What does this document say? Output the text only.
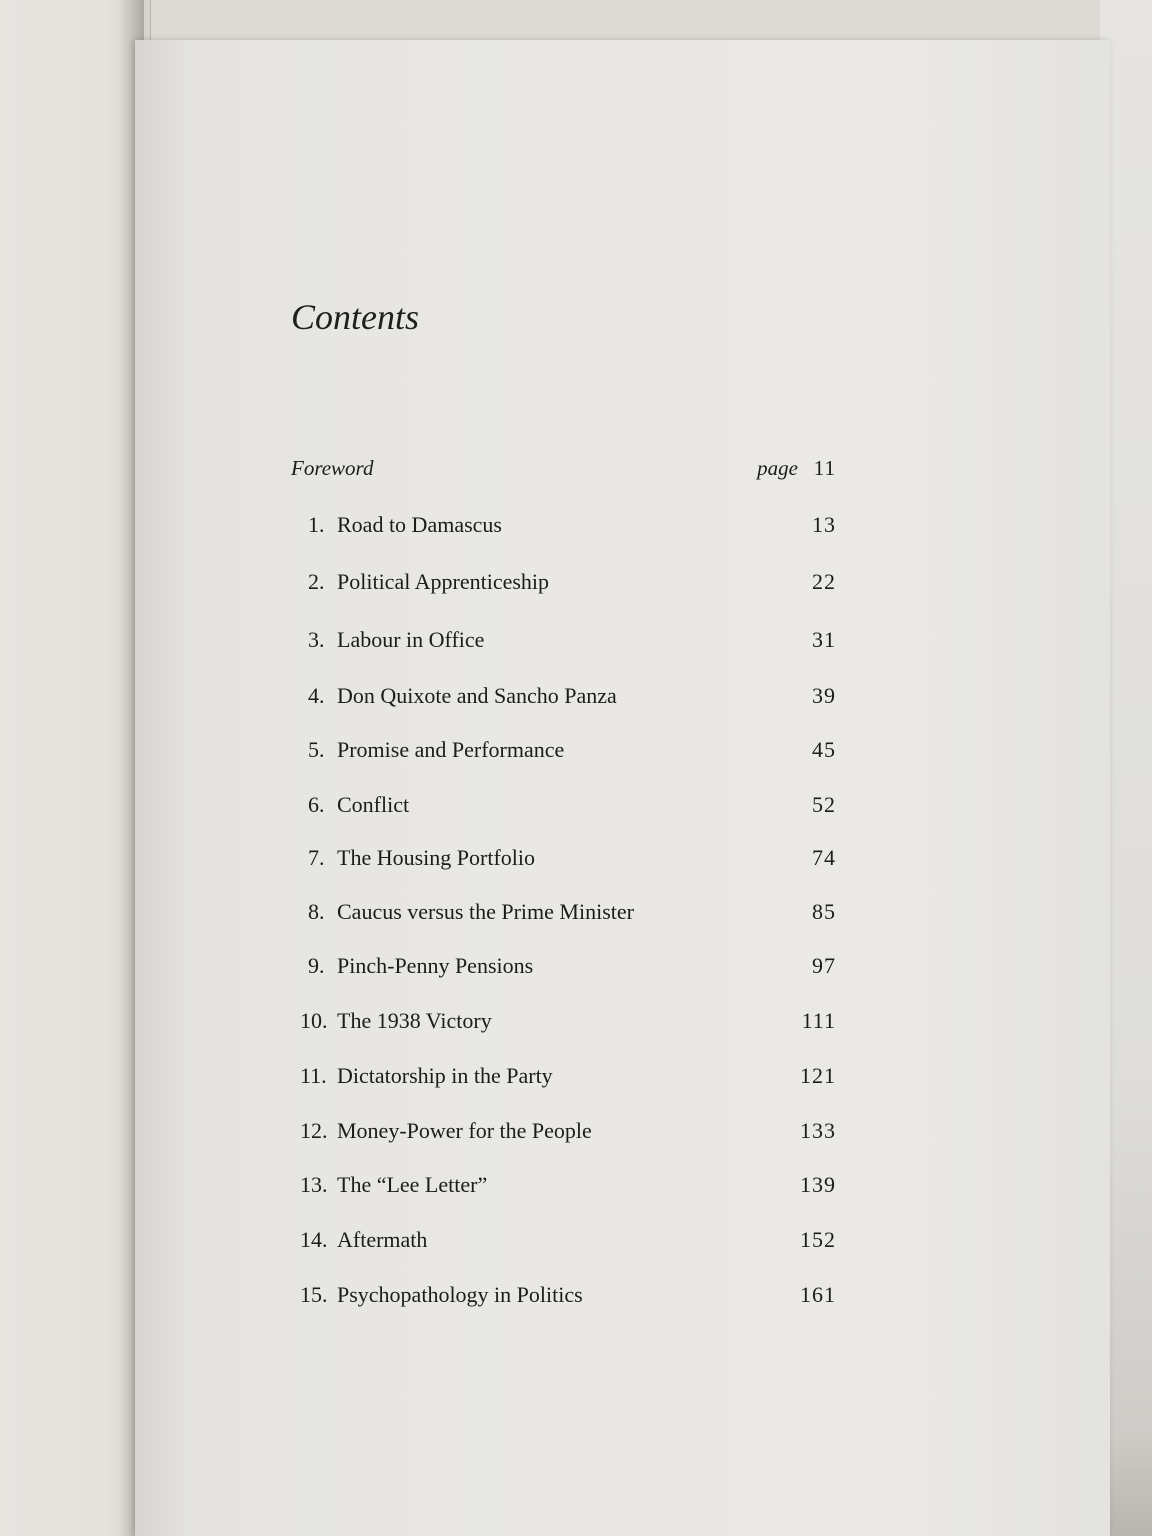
Contents
Foreword	page 11
1. Road to Damascus	13
2. Political Apprenticeship	22
3. Labour in Office	31
4. Don Quixote and Sancho Panza	39
5. Promise and Performance	45
6. Conflict	52
7. The Housing Portfolio	74
8. Caucus versus the Prime Minister	85
9. Pinch-Penny Pensions	97
10. The 1938 Victory	111
11. Dictatorship in the Party	121
12. Money-Power for the People	133
13. The “Lee Letter”	139
14. Aftermath	152
15. Psychopathology in Politics	161
